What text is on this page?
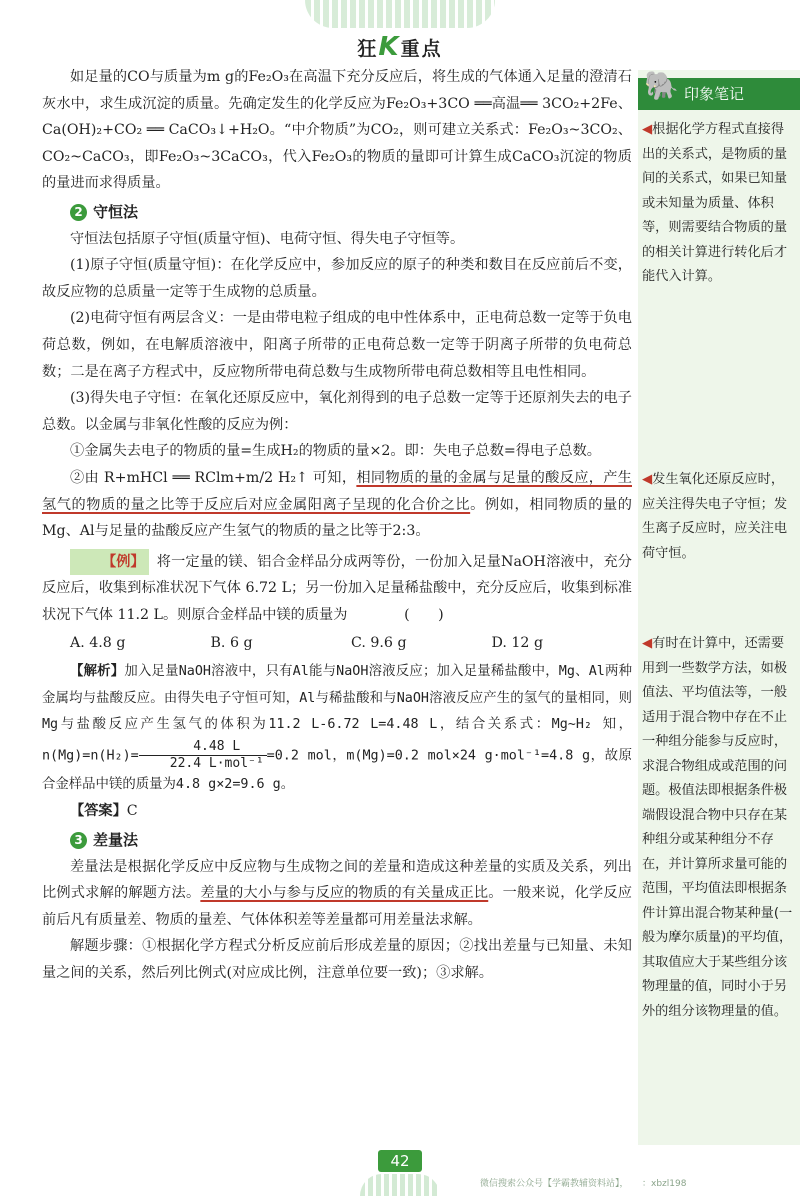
狂K重点

如足量的CO与质量为m g的Fe₂O₃在高温下充分反应后，将生成的气体通入足量的澄清石灰水中，求生成沉淀的质量。先确定发生的化学反应为Fe₂O₃+3CO ══高温══ 3CO₂+2Fe、Ca(OH)₂+CO₂ ══ CaCO₃↓+H₂O。“中介物质”为CO₂，则可建立关系式：Fe₂O₃~3CO₂、CO₂~CaCO₃，即Fe₂O₃~3CaCO₃，代入Fe₂O₃的物质的量即可计算生成CaCO₃沉淀的物质的量进而求得质量。

2 守恒法

守恒法包括原子守恒(质量守恒)、电荷守恒、得失电子守恒等。

(1)原子守恒(质量守恒)：在化学反应中，参加反应的原子的种类和数目在反应前后不变，故反应物的总质量一定等于生成物的总质量。

(2)电荷守恒有两层含义：一是由带电粒子组成的电中性体系中，正电荷总数一定等于负电荷总数，例如，在电解质溶液中，阳离子所带的正电荷总数一定等于阴离子所带的负电荷总数；二是在离子方程式中，反应物所带电荷总数与生成物所带电荷总数相等且电性相同。

(3)得失电子守恒：在氧化还原反应中，氧化剂得到的电子总数一定等于还原剂失去的电子总数。以金属与非氧化性酸的反应为例：

①金属失去电子的物质的量=生成H₂的物质的量×2。即：失电子总数=得电子总数。

②由 R+mHCl ══ RClm+m/2 H₂↑ 可知，相同物质的量的金属与足量的酸反应，产生氢气的物质的量之比等于反应后对应金属阳离子呈现的化合价之比。例如，相同物质的量的Mg、Al与足量的盐酸反应产生氢气的物质的量之比等于2:3。

【例】 将一定量的镁、铝合金样品分成两等份，一份加入足量NaOH溶液中，充分反应后，收集到标准状况下气体 6.72 L；另一份加入足量稀盐酸中，充分反应后，收集到标准状况下气体 11.2 L。则原合金样品中镁的质量为　　　　(　　)

A. 4.8 g	B. 6 g	C. 9.6 g	D. 12 g

【解析】加入足量NaOH溶液中，只有Al能与NaOH溶液反应；加入足量稀盐酸中，Mg、Al两种金属均与盐酸反应。由得失电子守恒可知，Al与稀盐酸和与NaOH溶液反应产生的氢气的量相同，则Mg与盐酸反应产生氢气的体积为11.2 L-6.72 L=4.48 L，结合关系式：Mg~H₂ 知，$n(Mg)=n(H_2)= \frac{4.48 L}{\text{22.4 L·mol⁻¹}} =0.2$ mol，m(Mg)=0.2 mol×24 g·mol⁻¹=4.8 g，故原合金样品中镁的质量为4.8 g×2=9.6 g。

【答案】C

3 差量法

差量法是根据化学反应中反应物与生成物之间的差量和造成这种差量的实质及关系，列出比例式求解的解题方法。差量的大小与参与反应的物质的有关量成正比。一般来说，化学反应前后凡有质量差、物质的量差、气体体积差等差量都可用差量法求解。

解题步骤：①根据化学方程式分析反应前后形成差量的原因；②找出差量与已知量、未知量之间的关系，然后列比例式(对应成比例，注意单位要一致)；③求解。

🐘 印象笔记
◀根据化学方程式直接得出的关系式，是物质的量间的关系式，如果已知量或未知量为质量、体积等，则需要结合物质的量的相关计算进行转化后才能代入计算。
◀发生氧化还原反应时，应关注得失电子守恒；发生离子反应时，应关注电荷守恒。
◀有时在计算中，还需要用到一些数学方法，如极值法、平均值法等，一般适用于混合物中存在不止一种组分能参与反应时，求混合物组成或范围的问题。极值法即根据条件极端假设混合物中只存在某种组分或某种组分不存在，并计算所求量可能的范围，平均值法即根据条件计算出混合物某种量(一般为摩尔质量)的平均值，其取值应大于某些组分该物理量的值，同时小于另外的组分该物理量的值。
42
微信搜索公众号【学霸教辅资料站】，　　：xbzl198
